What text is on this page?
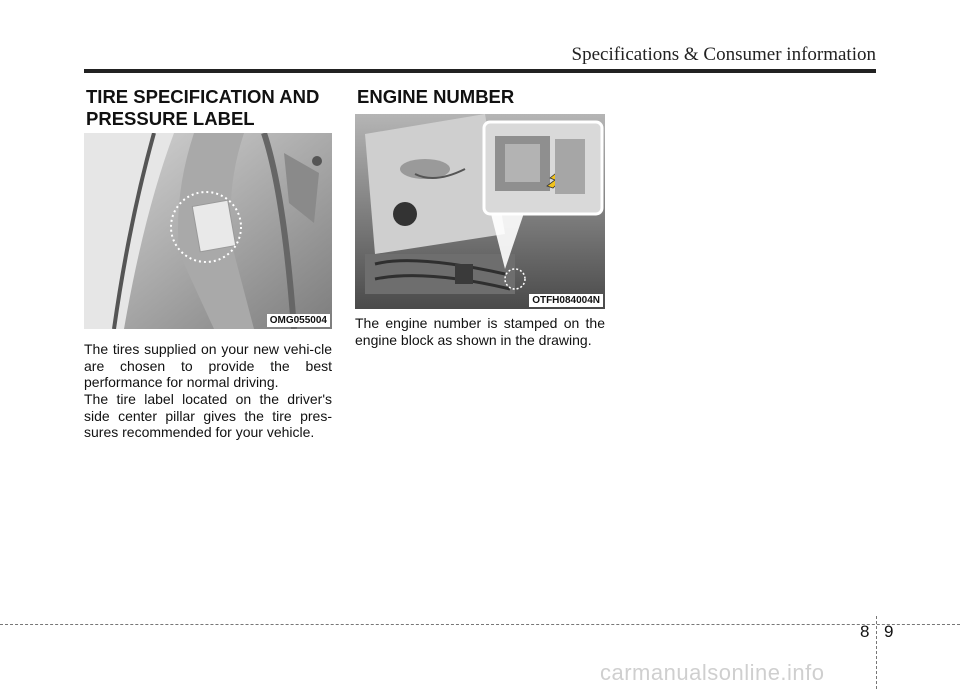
Specifications & Consumer information
TIRE SPECIFICATION AND
PRESSURE LABEL
OMG055004

The tires supplied on your new vehi-cle are chosen to provide the best performance for normal driving.

The tire label located on the driver's side center pillar gives the tire pres-sures recommended for your vehicle.

ENGINE NUMBER
OTFH084004N

The engine number is stamped on the engine block as shown in the drawing.

8 9
carmanualsonline.info
